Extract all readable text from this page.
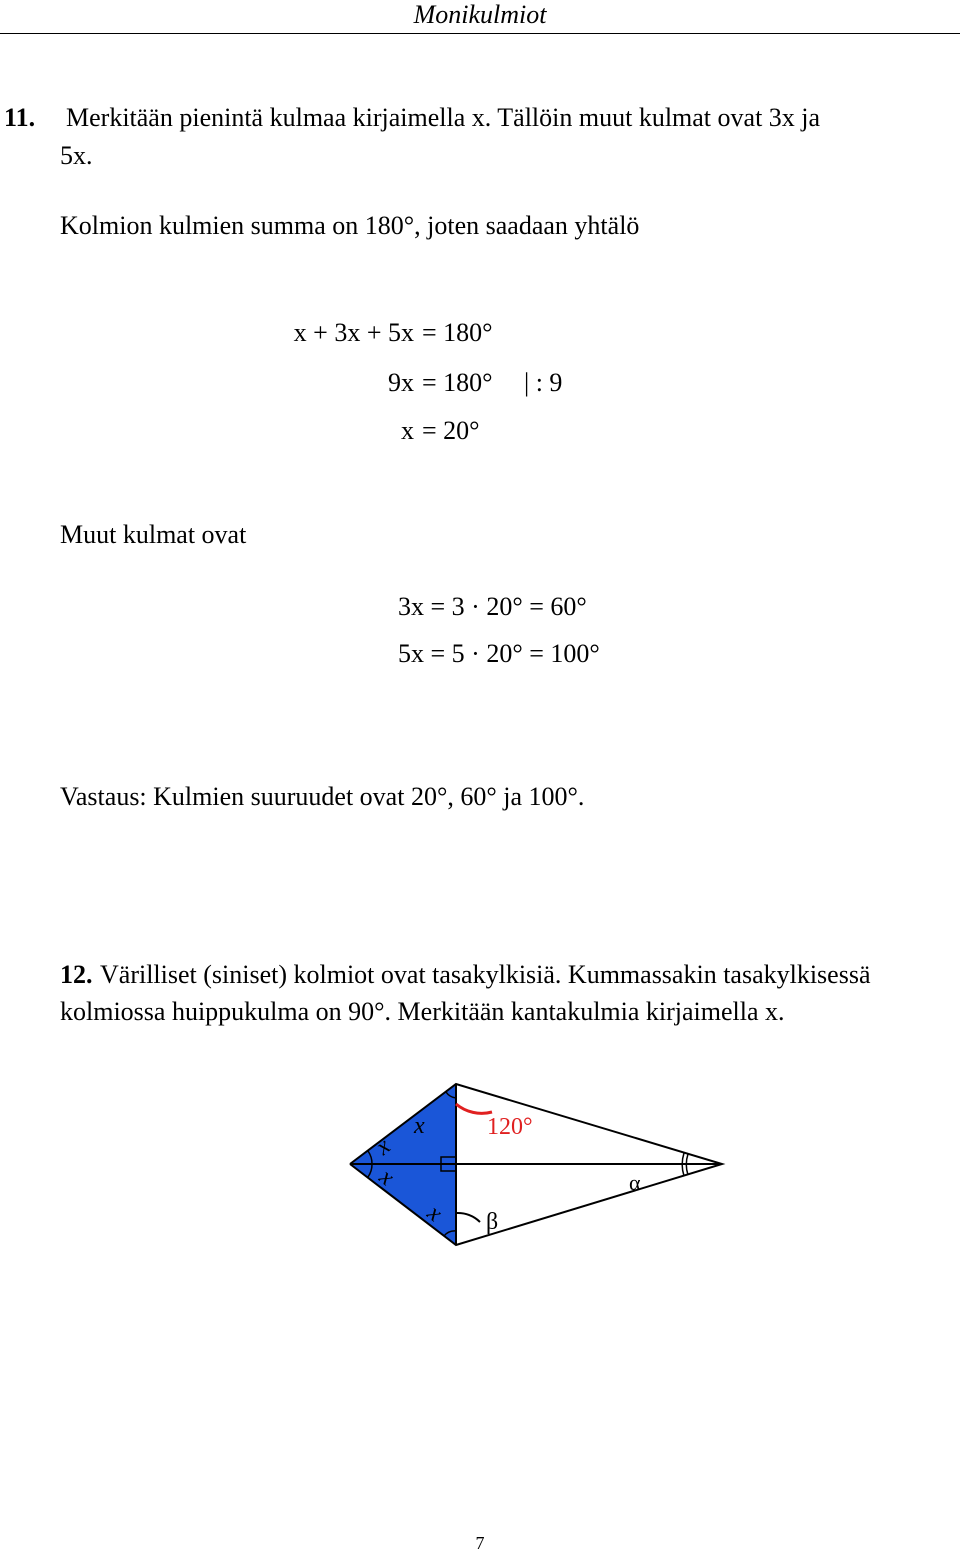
Monikulmiot
11. Merkitään pienintä kulmaa kirjaimella x. Tällöin muut kulmat ovat 3x ja
5x.
Kolmion kulmien summa on 180°, joten saadaan yhtälö
x + 3x + 5x = 180°
9x = 180° | : 9
x = 20°
Muut kulmat ovat
3x = 3 · 20° = 60°
5x = 5 · 20° = 100°
Vastaus: Kulmien suuruudet ovat 20°, 60° ja 100°.
12. Värilliset (siniset) kolmiot ovat tasakylkisiä. Kummassakin tasakylkisessä
kolmiossa huippukulma on 90°. Merkitään kantakulmia kirjaimella x.
x
x
x
x
120°
α
β
7
